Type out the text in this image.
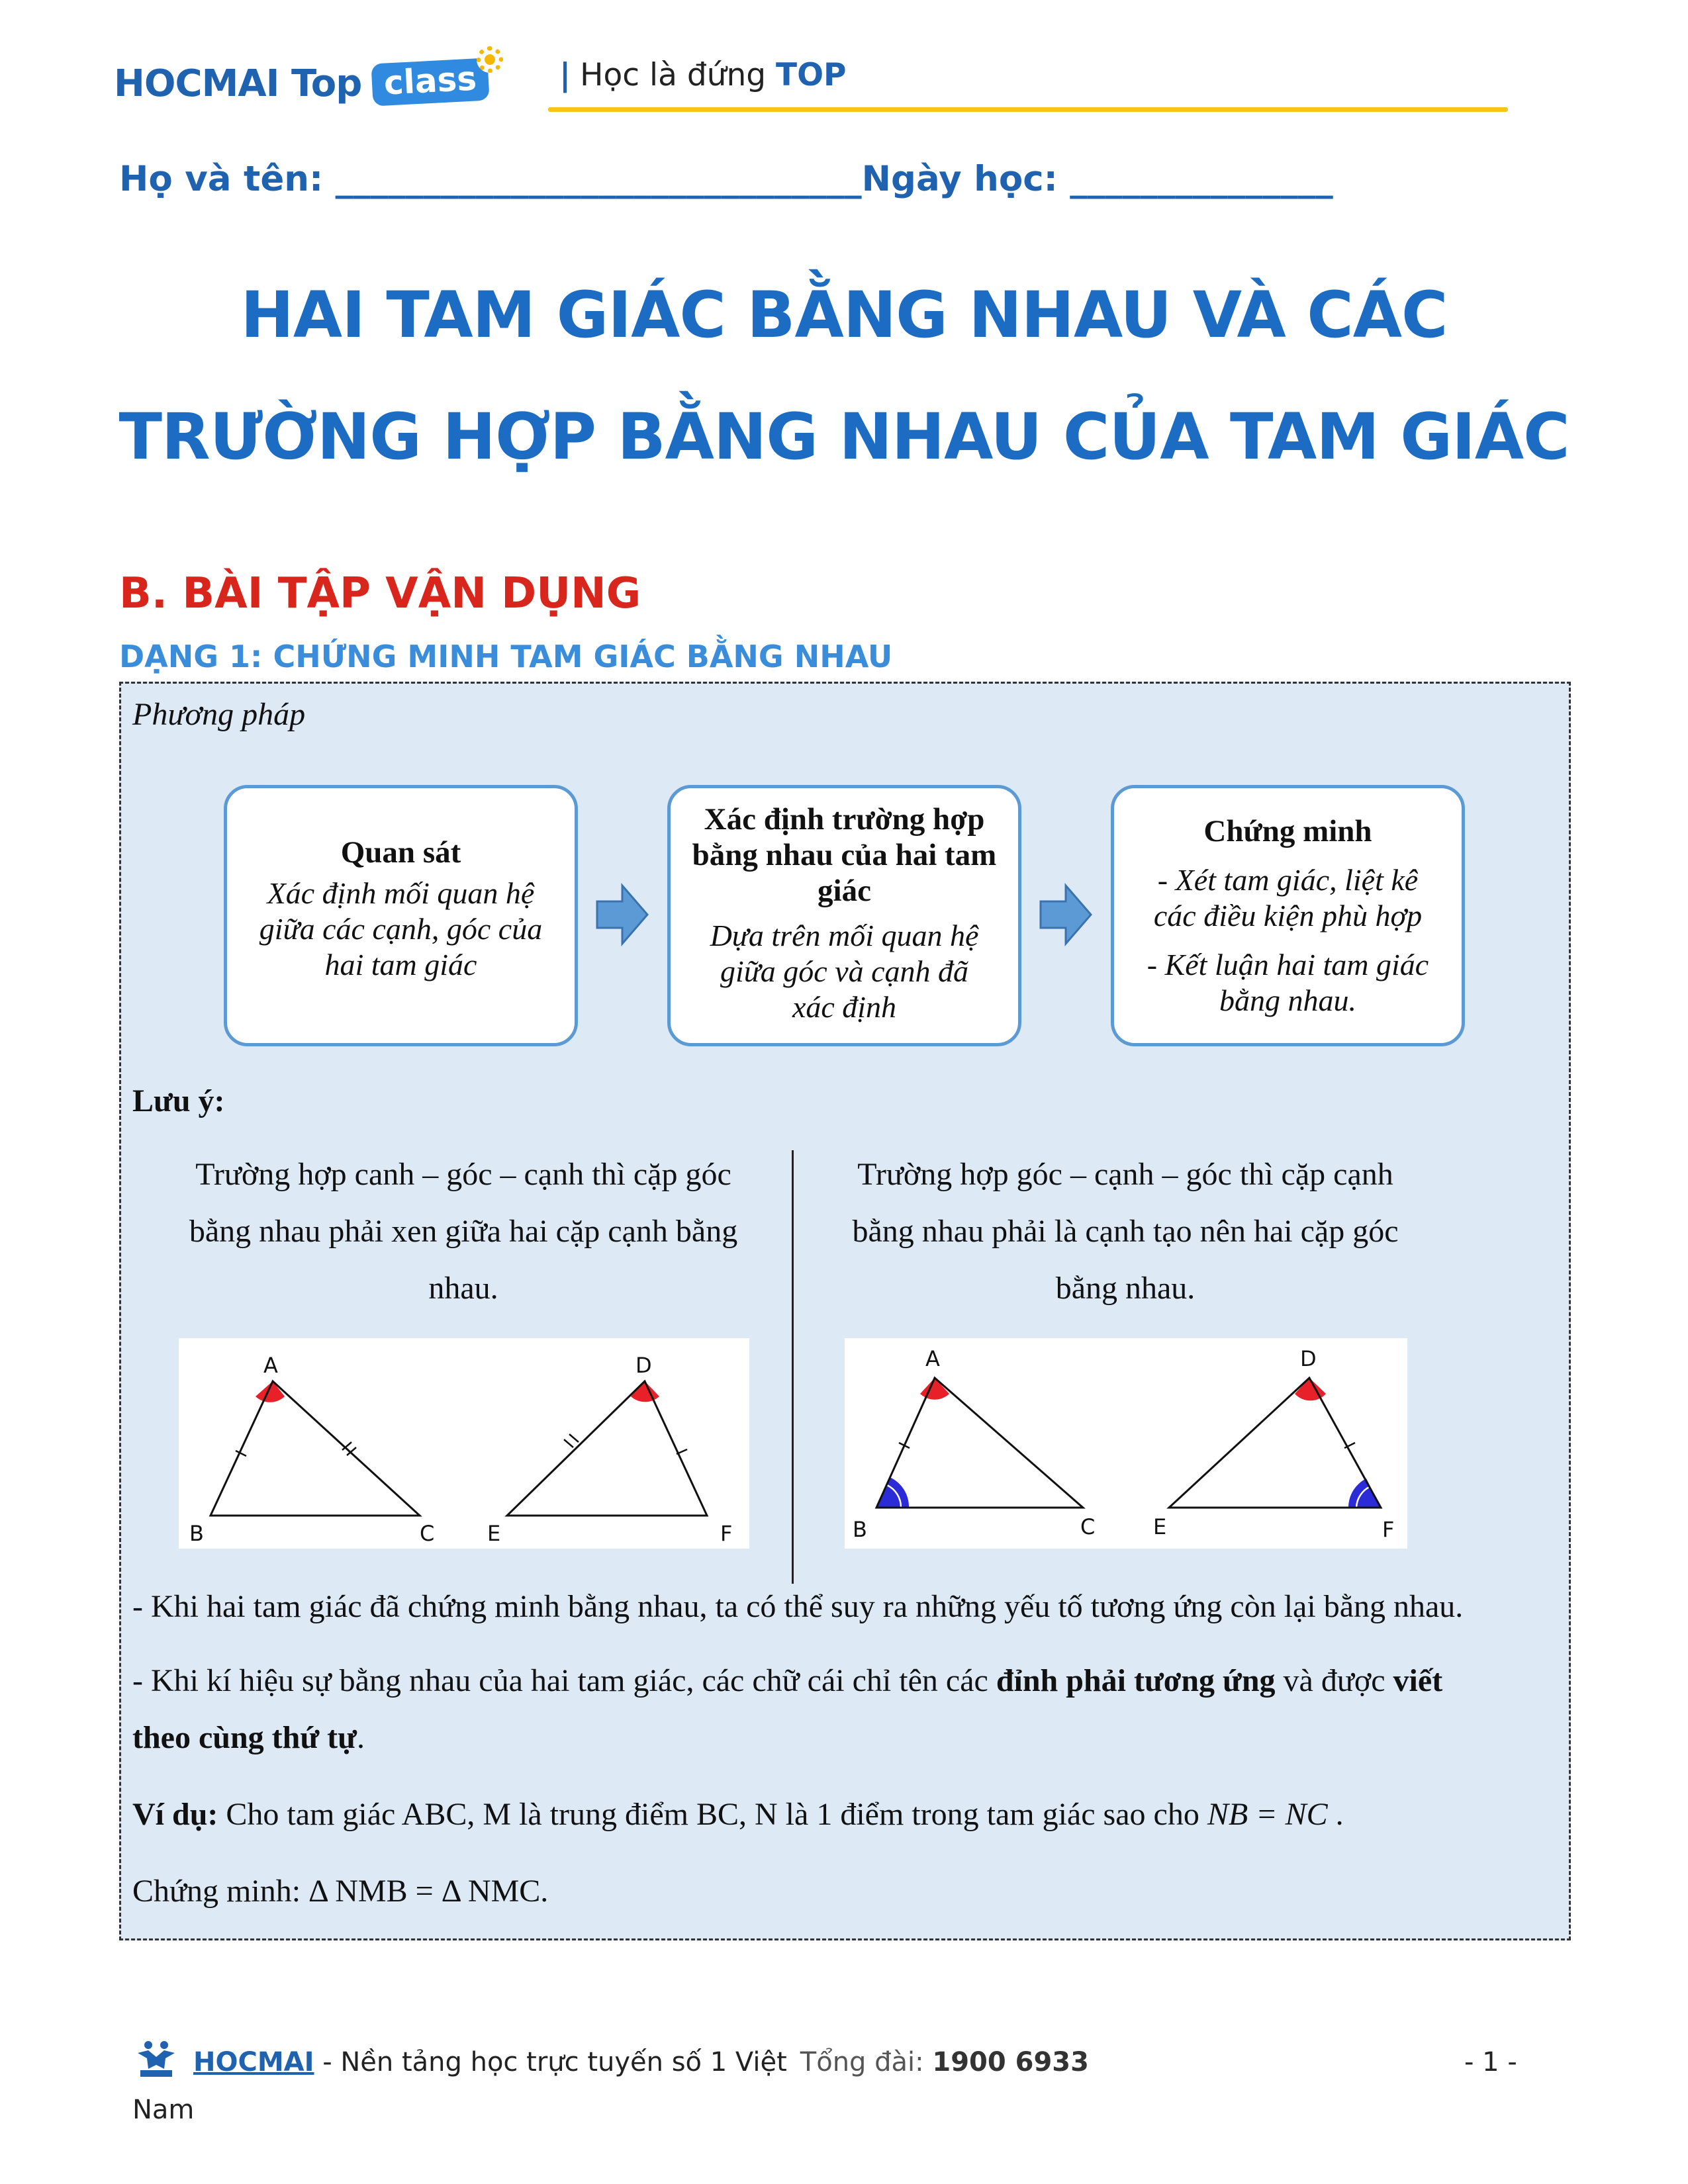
HOCMAI Top class	| Học là đứng TOP
Họ và tên: ______________________________Ngày học: _______________
HAI TAM GIÁC BẰNG NHAU VÀ CÁC
TRƯỜNG HỢP BẰNG NHAU CỦA TAM GIÁC
B. BÀI TẬP VẬN DỤNG
DẠNG 1: CHỨNG MINH TAM GIÁC BẰNG NHAU
Phương pháp
Quan sát
Xác định mối quan hệ
giữa các cạnh, góc của
hai tam giác
Xác định trường hợp bằng nhau của hai tam giác
Dựa trên mối quan hệ
giữa góc và cạnh đã
xác định
Chứng minh
- Xét tam giác, liệt kê
các điều kiện phù hợp
- Kết luận hai tam giác
bằng nhau.
Lưu ý:
Trường hợp canh – góc – cạnh thì cặp góc bằng nhau phải xen giữa hai cặp cạnh bằng nhau.
Trường hợp góc – cạnh – góc thì cặp cạnh bằng nhau phải là cạnh tạo nên hai cặp góc bằng nhau.
A
B	C
D
E	F
A
B	C
D
E	F
- Khi hai tam giác đã chứng minh bằng nhau, ta có thể suy ra những yếu tố tương ứng còn lại bằng nhau.
- Khi kí hiệu sự bằng nhau của hai tam giác, các chữ cái chỉ tên các đỉnh phải tương ứng và được viết
theo cùng thứ tự.
Ví dụ: Cho tam giác ABC, M là trung điểm BC, N là 1 điểm trong tam giác sao cho NB = NC .
Chứng minh: Δ NMB = Δ NMC.
HOCMAI - Nền tảng học trực tuyến số 1 Việt Tổng đài: 1900 6933
Nam
- 1 -
